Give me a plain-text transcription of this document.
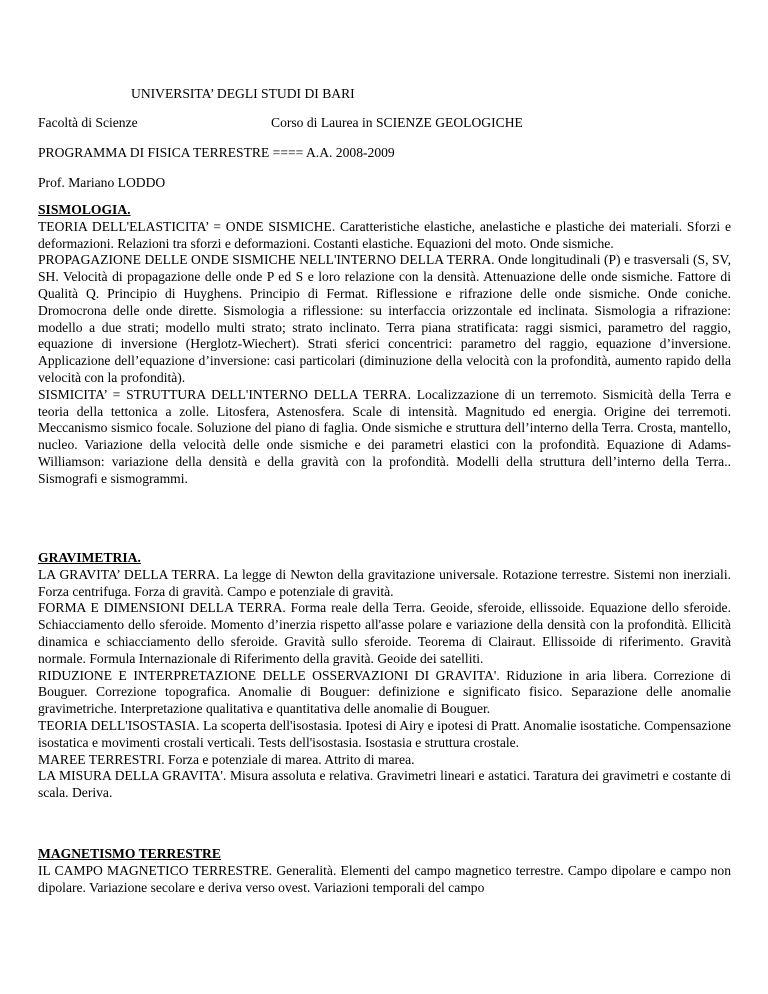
UNIVERSITA’ DEGLI STUDI DI BARI
Facoltà di Scienze	Corso di Laurea in SCIENZE GEOLOGICHE
PROGRAMMA DI FISICA TERRESTRE ==== A.A. 2008-2009
Prof. Mariano LODDO
SISMOLOGIA.

TEORIA DELL'ELASTICITA’ = ONDE SISMICHE. Caratteristiche elastiche, anelastiche e plastiche dei materiali. Sforzi e deformazioni. Relazioni tra sforzi e deformazioni. Costanti elastiche. Equazioni del moto. Onde sismiche.

PROPAGAZIONE DELLE ONDE SISMICHE NELL'INTERNO DELLA TERRA. Onde longitudinali (P) e trasversali (S, SV, SH. Velocità di propagazione delle onde P ed S e loro relazione con la densità. Attenuazione delle onde sismiche. Fattore di Qualità Q. Principio di Huyghens. Principio di Fermat. Riflessione e rifrazione delle onde sismiche. Onde coniche. Dromocrona delle onde dirette. Sismologia a riflessione: su interfaccia orizzontale ed inclinata. Sismologia a rifrazione: modello a due strati; modello multi strato; strato inclinato. Terra piana stratificata: raggi sismici, parametro del raggio, equazione di inversione (Herglotz-Wiechert). Strati sferici concentrici: parametro del raggio, equazione d’inversione. Applicazione dell’equazione d’inversione: casi particolari (diminuzione della velocità con la profondità, aumento rapido della velocità con la profondità).

SISMICITA’ = STRUTTURA DELL'INTERNO DELLA TERRA. Localizzazione di un terremoto. Sismicità della Terra e teoria della tettonica a zolle. Litosfera, Astenosfera. Scale di intensità. Magnitudo ed energia. Origine dei terremoti. Meccanismo sismico focale. Soluzione del piano di faglia. Onde sismiche e struttura dell’interno della Terra. Crosta, mantello, nucleo. Variazione della velocità delle onde sismiche e dei parametri elastici con la profondità. Equazione di Adams-Williamson: variazione della densità e della gravità con la profondità. Modelli della struttura dell’interno della Terra.. Sismografi e sismogrammi.

GRAVIMETRIA.

LA GRAVITA’ DELLA TERRA. La legge di Newton della gravitazione universale. Rotazione terrestre. Sistemi non inerziali. Forza centrifuga. Forza di gravità. Campo e potenziale di gravità.

FORMA E DIMENSIONI DELLA TERRA. Forma reale della Terra. Geoide, sferoide, ellissoide. Equazione dello sferoide. Schiacciamento dello sferoide. Momento d’inerzia rispetto all'asse polare e variazione della densità con la profondità. Ellicità dinamica e schiacciamento dello sferoide. Gravità sullo sferoide. Teorema di Clairaut. Ellissoide di riferimento. Gravità normale. Formula Internazionale di Riferimento della gravità. Geoide dei satelliti.

RIDUZIONE E INTERPRETAZIONE DELLE OSSERVAZIONI DI GRAVITA'. Riduzione in aria libera. Correzione di Bouguer. Correzione topografica. Anomalie di Bouguer: definizione e significato fisico. Separazione delle anomalie gravimetriche. Interpretazione qualitativa e quantitativa delle anomalie di Bouguer.

TEORIA DELL'ISOSTASIA. La scoperta dell'isostasia. Ipotesi di Airy e ipotesi di Pratt. Anomalie isostatiche. Compensazione isostatica e movimenti crostali verticali. Tests dell'isostasia. Isostasia e struttura crostale.

MAREE TERRESTRI. Forza e potenziale di marea. Attrito di marea.

LA MISURA DELLA GRAVITA'. Misura assoluta e relativa. Gravimetri lineari e astatici. Taratura dei gravimetri e costante di scala. Deriva.

MAGNETISMO TERRESTRE

IL CAMPO MAGNETICO TERRESTRE. Generalità. Elementi del campo magnetico terrestre. Campo dipolare e campo non dipolare. Variazione secolare e deriva verso ovest. Variazioni temporali del campo
